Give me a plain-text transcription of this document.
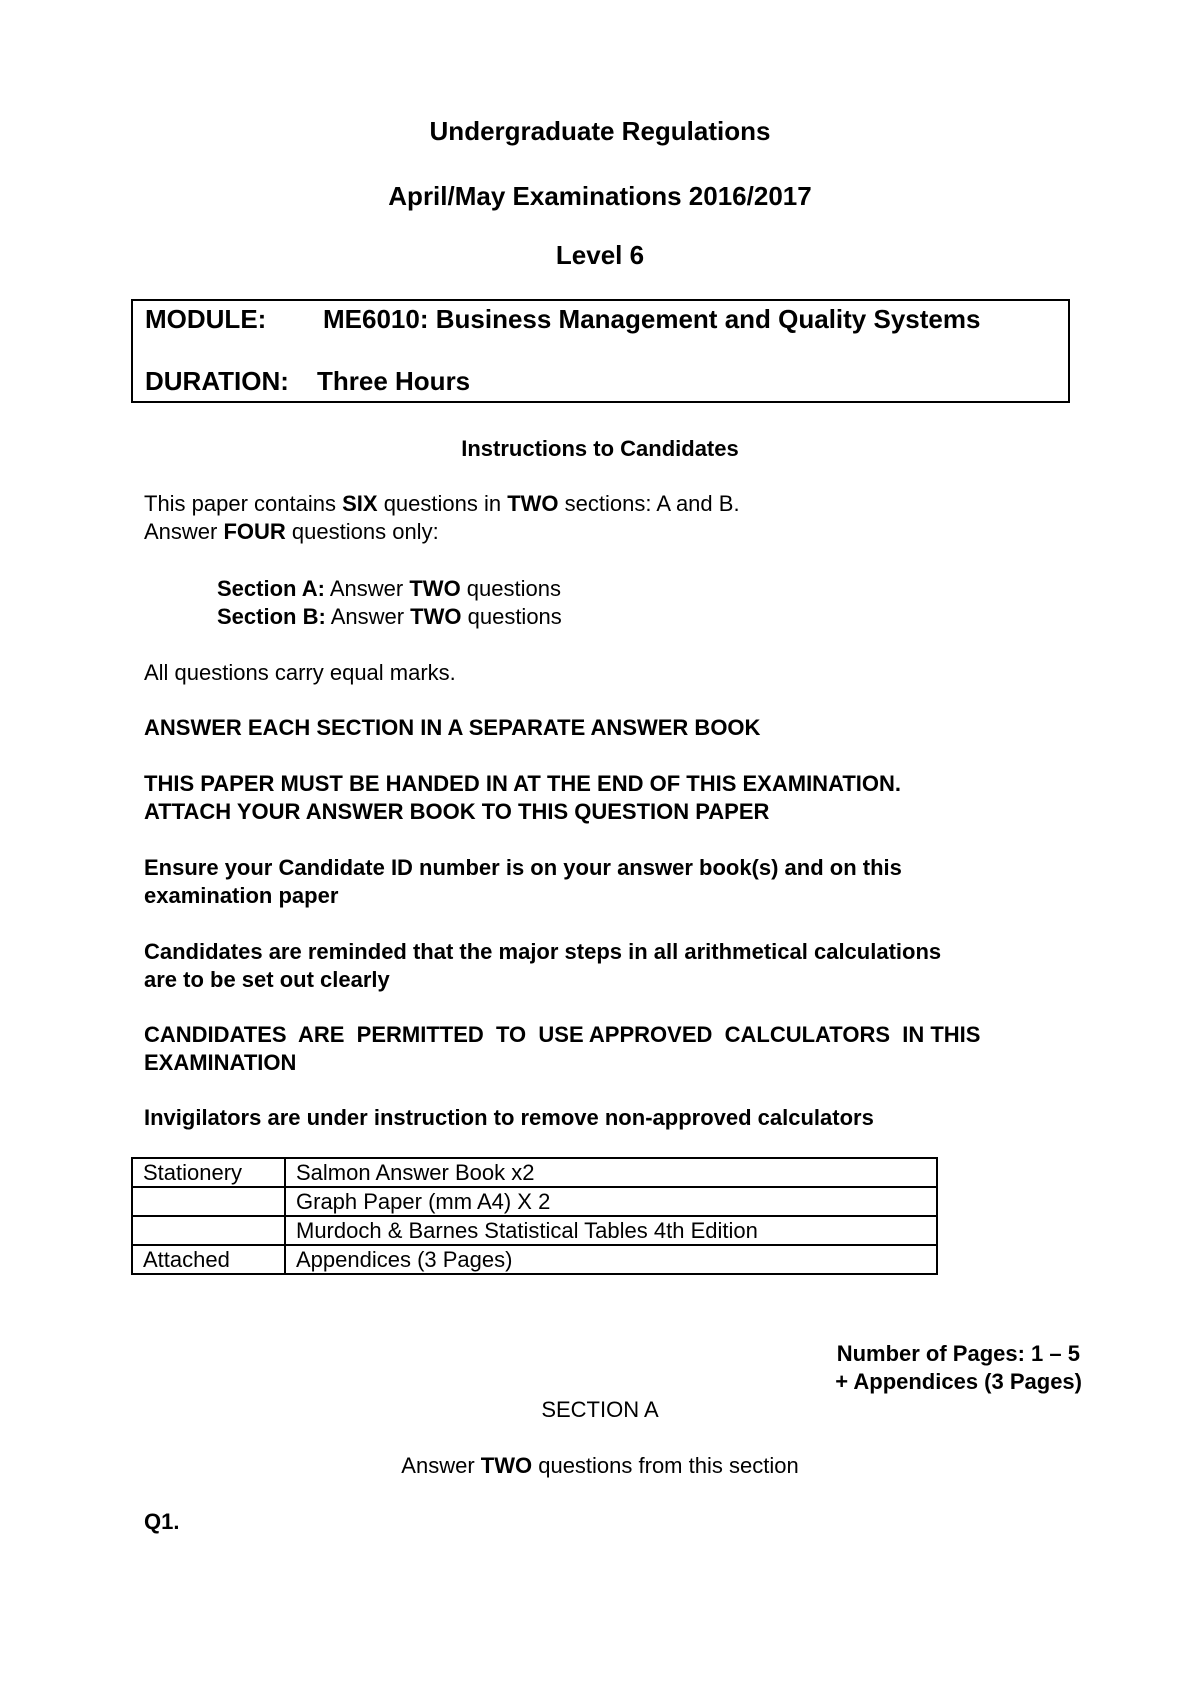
Undergraduate Regulations
April/May Examinations 2016/2017
Level 6
MODULE: ME6010: Business Management and Quality Systems
DURATION: Three Hours
Instructions to Candidates
This paper contains SIX questions in TWO sections: A and B.
Answer FOUR questions only:
Section A: Answer TWO questions
Section B: Answer TWO questions
All questions carry equal marks.
ANSWER EACH SECTION IN A SEPARATE ANSWER BOOK
THIS PAPER MUST BE HANDED IN AT THE END OF THIS EXAMINATION.
ATTACH YOUR ANSWER BOOK TO THIS QUESTION PAPER
Ensure your Candidate ID number is on your answer book(s) and on this
examination paper
Candidates are reminded that the major steps in all arithmetical calculations
are to be set out clearly
CANDIDATES  ARE  PERMITTED  TO  USE APPROVED  CALCULATORS  IN THIS
EXAMINATION
Invigilators are under instruction to remove non-approved calculators
Stationery	Salmon Answer Book x2
	Graph Paper (mm A4) X 2
	Murdoch & Barnes Statistical Tables 4th Edition
Attached	Appendices (3 Pages)
Number of Pages: 1 – 5
+ Appendices (3 Pages)
SECTION A
Answer TWO questions from this section
Q1.
